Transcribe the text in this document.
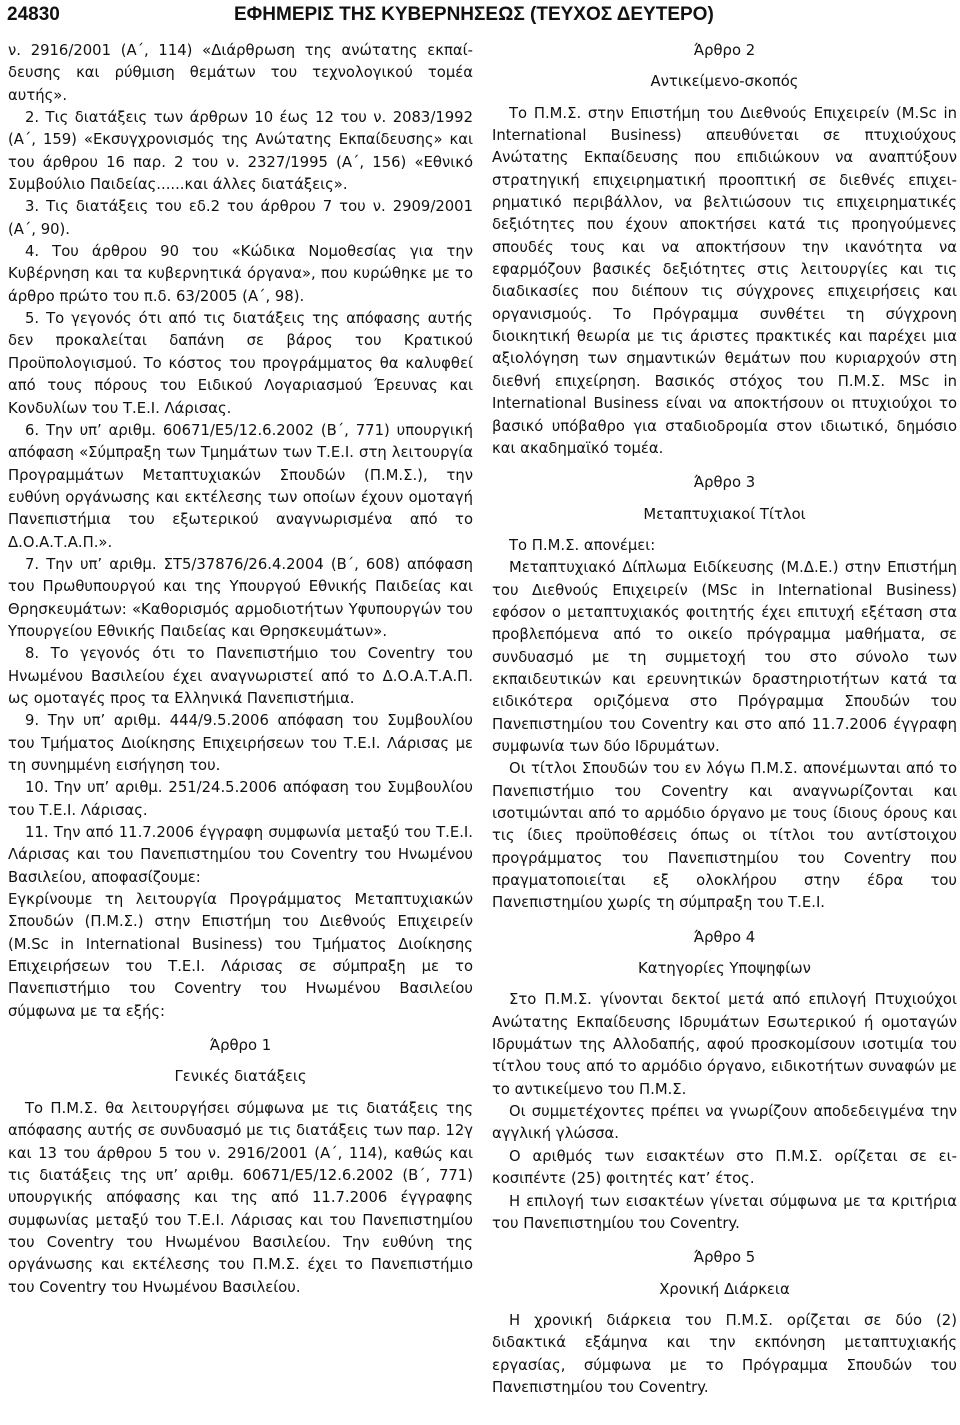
24830	ΕΦΗΜΕΡΙΣ ΤΗΣ ΚΥΒΕΡΝΗΣΕΩΣ (ΤΕΥΧΟΣ ΔΕΥΤΕΡΟ)

ν. 2916/2001 (Α΄, 114) «Διάρθρωση της ανώτατης εκπαίδευσης και ρύθμιση θεμάτων του τεχνολογικού τομέα αυτής».

2. Τις διατάξεις των άρθρων 10 έως 12 του ν. 2083/1992 (Α΄, 159) «Εκσυγχρονισμός της Ανώτατης Εκπαίδευσης» και του άρθρου 16 παρ. 2 του ν. 2327/1995 (Α΄, 156) «Εθνικό Συμβούλιο Παιδείας......και άλλες διατάξεις».

3. Τις διατάξεις του εδ.2 του άρθρου 7 του ν. 2909/2001 (Α΄, 90).

4. Του άρθρου 90 του «Κώδικα Νομοθεσίας για την Κυβέρνηση και τα κυβερνητικά όργανα», που κυρώθηκε με το άρθρο πρώτο του π.δ. 63/2005 (Α΄, 98).

5. Το γεγονός ότι από τις διατάξεις της απόφασης αυτής δεν προκαλείται δαπάνη σε βάρος του Κρατικού Προϋπολογισμού. Το κόστος του προγράμματος θα καλυφθεί από τους πόρους του Ειδικού Λογαριασμού Έρευνας και Κονδυλίων του Τ.Ε.Ι. Λάρισας.

6. Την υπ’ αριθμ. 60671/Ε5/12.6.2002 (Β΄, 771) υπουργική απόφαση «Σύμπραξη των Τμημάτων των Τ.Ε.Ι. στη λειτουργία Προγραμμάτων Μεταπτυχιακών Σπουδών (Π.Μ.Σ.), την ευθύνη οργάνωσης και εκτέλεσης των οποίων έχουν ομοταγή Πανεπιστήμια του εξωτερικού αναγνωρισμένα από το Δ.Ο.Α.Τ.Α.Π.».

7. Την υπ’ αριθμ. ΣΤ5/37876/26.4.2004 (Β΄, 608) απόφαση του Πρωθυπουργού και της Υπουργού Εθνικής Παιδείας και Θρησκευμάτων: «Καθορισμός αρμοδιοτήτων Υφυπουργών του Υπουργείου Εθνικής Παιδείας και Θρησκευμάτων».

8. Το γεγονός ότι το Πανεπιστήμιο του Coventry του Ηνωμένου Βασιλείου έχει αναγνωριστεί από το Δ.Ο.Α.Τ.Α.Π. ως ομοταγές προς τα Ελληνικά Πανεπιστήμια.

9. Την υπ’ αριθμ. 444/9.5.2006 απόφαση του Συμβουλίου του Τμήματος Διοίκησης Επιχειρήσεων του Τ.Ε.Ι. Λάρισας με τη συνημμένη εισήγηση του.

10. Την υπ’ αριθμ. 251/24.5.2006 απόφαση του Συμβουλίου του Τ.Ε.Ι. Λάρισας.

11. Την από 11.7.2006 έγγραφη συμφωνία μεταξύ του Τ.Ε.Ι. Λάρισας και του Πανεπιστημίου του Coventry του Ηνωμένου Βασιλείου, αποφασίζουμε:

Εγκρίνουμε τη λειτουργία Προγράμματος Μεταπτυχιακών Σπουδών (Π.Μ.Σ.) στην Επιστήμη του Διεθνούς Επιχειρείν (M.Sc in International Business) του Τμήματος Διοίκησης Επιχειρήσεων του Τ.Ε.Ι. Λάρισας σε σύμπραξη με το Πανεπιστήμιο του Coventry του Ηνωμένου Βασιλείου σύμφωνα με τα εξής:

Άρθρο 1

Γενικές διατάξεις

Το Π.Μ.Σ. θα λειτουργήσει σύμφωνα με τις διατάξεις της απόφασης αυτής σε συνδυασμό με τις διατάξεις των παρ. 12γ και 13 του άρθρου 5 του ν. 2916/2001 (Α΄, 114), καθώς και τις διατάξεις της υπ’ αριθμ. 60671/Ε5/12.6.2002 (Β΄, 771) υπουργικής απόφασης και της από 11.7.2006 έγγραφης συμφωνίας μεταξύ του Τ.Ε.Ι. Λάρισας και του Πανεπιστημίου του Coventry του Ηνωμένου Βασιλείου. Την ευθύνη της οργάνωσης και εκτέλεσης του Π.Μ.Σ. έχει το Πανεπιστήμιο του Coventry του Ηνωμένου Βασιλείου.

Άρθρο 2

Αντικείμενο-σκοπός

Το Π.Μ.Σ. στην Επιστήμη του Διεθνούς Επιχειρείν (M.Sc in International Business) απευθύνεται σε πτυχιούχους Ανώτατης Εκπαίδευσης που επιδιώκουν να αναπτύξουν στρατηγική επιχειρηματική προοπτική σε διεθνές επιχειρηματικό περιβάλλον, να βελτιώσουν τις επιχειρηματικές δεξιότητες που έχουν αποκτήσει κατά τις προηγούμενες σπουδές τους και να αποκτήσουν την ικανότητα να εφαρμόζουν βασικές δεξιότητες στις λειτουργίες και τις διαδικασίες που διέπουν τις σύγχρονες επιχειρήσεις και οργανισμούς. Το Πρόγραμμα συνθέτει τη σύγχρονη διοικητική θεωρία με τις άριστες πρακτικές και παρέχει μια αξιολόγηση των σημαντικών θεμάτων που κυριαρχούν στη διεθνή επιχείρηση. Βασικός στόχος του Π.Μ.Σ. MSc in International Business είναι να αποκτήσουν οι πτυχιούχοι το βασικό υπόβαθρο για σταδιοδρομία στον ιδιωτικό, δημόσιο και ακαδημαϊκό τομέα.

Άρθρο 3

Μεταπτυχιακοί Τίτλοι

Το Π.Μ.Σ. απονέμει:

Μεταπτυχιακό Δίπλωμα Ειδίκευσης (Μ.Δ.Ε.) στην Επιστήμη του Διεθνούς Επιχειρείν (MSc in International Business) εφόσον ο μεταπτυχιακός φοιτητής έχει επιτυχή εξέταση στα προβλεπόμενα από το οικείο πρόγραμμα μαθήματα, σε συνδυασμό με τη συμμετοχή του στο σύνολο των εκπαιδευτικών και ερευνητικών δραστηριοτήτων κατά τα ειδικότερα οριζόμενα στο Πρόγραμμα Σπουδών του Πανεπιστημίου του Coventry και στο από 11.7.2006 έγγραφη συμφωνία των δύο Ιδρυμάτων.

Οι τίτλοι Σπουδών του εν λόγω Π.Μ.Σ. απονέμωνται από το Πανεπιστήμιο του Coventry και αναγνωρίζονται και ισοτιμώνται από το αρμόδιο όργανο με τους ίδιους όρους και τις ίδιες προϋποθέσεις όπως οι τίτλοι του αντίστοιχου προγράμματος του Πανεπιστημίου του Coventry που πραγματοποιείται εξ ολοκλήρου στην έδρα του Πανεπιστημίου χωρίς τη σύμπραξη του Τ.Ε.Ι.

Άρθρο 4

Κατηγορίες Υποψηφίων

Στο Π.Μ.Σ. γίνονται δεκτοί μετά από επιλογή Πτυχιούχοι Ανώτατης Εκπαίδευσης Ιδρυμάτων Εσωτερικού ή ομοταγών Ιδρυμάτων της Αλλοδαπής, αφού προσκομίσουν ισοτιμία του τίτλου τους από το αρμόδιο όργανο, ειδικοτήτων συναφών με το αντικείμενο του Π.Μ.Σ.

Οι συμμετέχοντες πρέπει να γνωρίζουν αποδεδειγμένα την αγγλική γλώσσα.

Ο αριθμός των εισακτέων στο Π.Μ.Σ. ορίζεται σε εικοσιπέντε (25) φοιτητές κατ’ έτος.

Η επιλογή των εισακτέων γίνεται σύμφωνα με τα κριτήρια του Πανεπιστημίου του Coventry.

Άρθρο 5

Χρονική Διάρκεια

Η χρονική διάρκεια του Π.Μ.Σ. ορίζεται σε δύο (2) διδακτικά εξάμηνα και την εκπόνηση μεταπτυχιακής εργασίας, σύμφωνα με το Πρόγραμμα Σπουδών του Πανεπιστημίου του Coventry.
